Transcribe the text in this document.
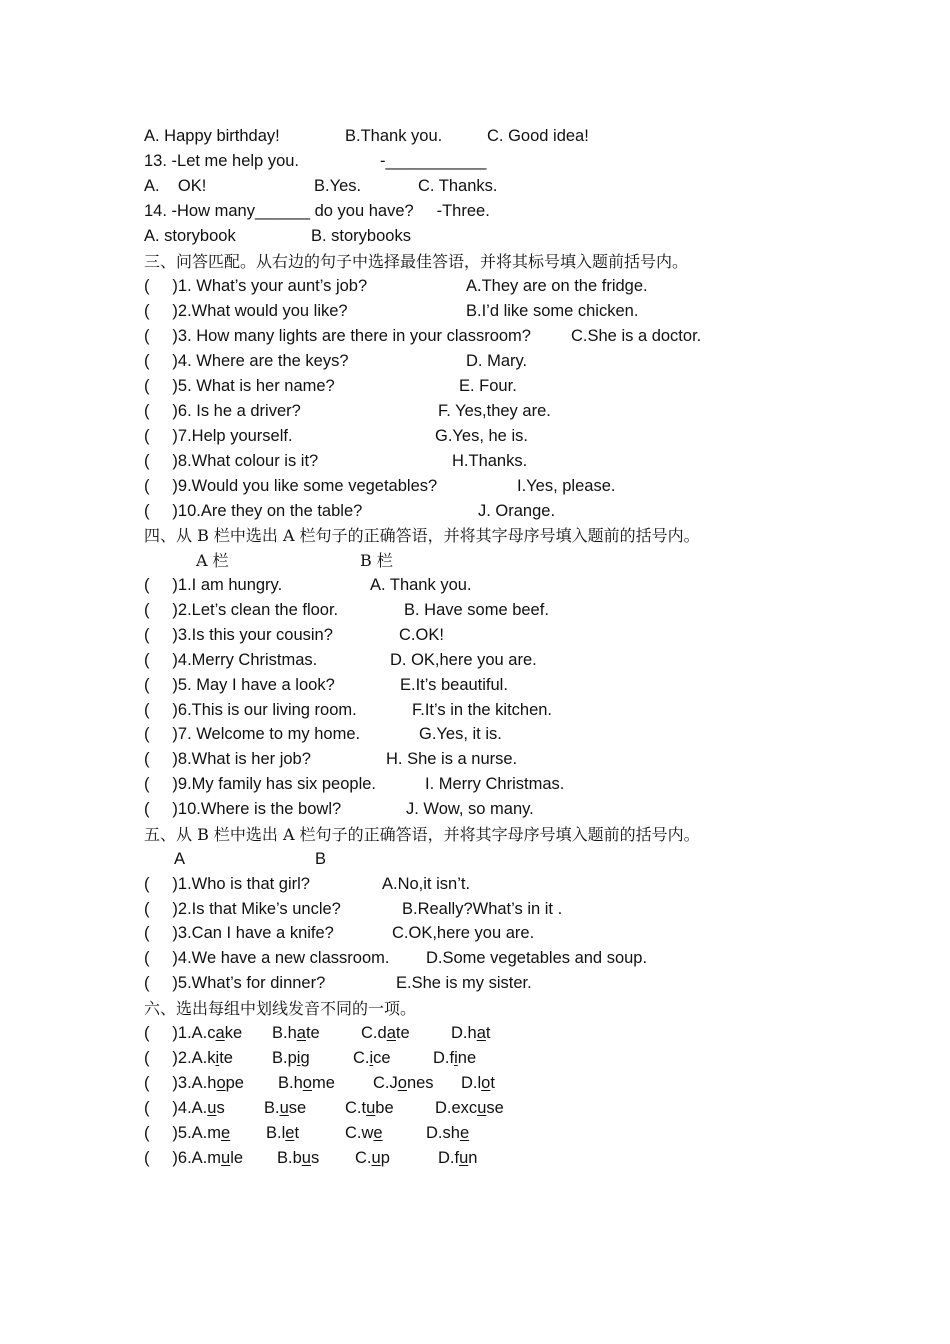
A. Happy birthday!	B.Thank you.	C. Good idea!
13. -Let me help you.	-___________
A.    OK!	B.Yes.	C. Thanks.
14. -How many______ do you have?     -Three.
A. storybook	B. storybooks
三、问答匹配。从右边的句子中选择最佳答语，并将其标号填入题前括号内。
(     )1. What’s your aunt’s job?	A.They are on the fridge.
(     )2.What would you like?	B.I’d like some chicken.
(     )3. How many lights are there in your classroom? C.She is a doctor.
(     )4. Where are the keys?	D. Mary.
(     )5. What is her name?	E. Four.
(     )6. Is he a driver?	F. Yes,they are.
(     )7.Help yourself.	G.Yes, he is.
(     )8.What colour is it?	H.Thanks.
(     )9.Would you like some vegetables?	I.Yes, please.
(     )10.Are they on the table?	J. Orange.
四、从 B 栏中选出 A 栏句子的正确答语，并将其字母序号填入题前的括号内。
A 栏	B 栏
(     )1.I am hungry.	A. Thank you.
(     )2.Let’s clean the floor.	B. Have some beef.
(     )3.Is this your cousin?	C.OK!
(     )4.Merry Christmas.	D. OK,here you are.
(     )5. May I have a look?	E.It’s beautiful.
(     )6.This is our living room.	F.It’s in the kitchen.
(     )7. Welcome to my home.	G.Yes, it is.
(     )8.What is her job?	H. She is a nurse.
(     )9.My family has six people.	I. Merry Christmas.
(     )10.Where is the bowl?	J. Wow, so many.
五、从 B 栏中选出 A 栏句子的正确答语，并将其字母序号填入题前的括号内。
A	B
(     )1.Who is that girl?	A.No,it isn’t.
(     )2.Is that Mike’s uncle?	B.Really?What’s in it .
(     )3.Can I have a knife?	C.OK,here you are.
(     )4.We have a new classroom. D.Some vegetables and soup.
(     )5.What’s for dinner?	E.She is my sister.
六、选出每组中划线发音不同的一项。
(     )1.A.cake B.hate	C.date	D.hat
(     )2.A.kite B.pig	C.ice	D.fine
(     )3.A.hope B.home C.Jones D.lot
(     )4.A.us B.use C.tube	D.excuse
(     )5.A.me B.let	C.we	D.she
(     )6.A.mule B.bus C.up	D.fun
